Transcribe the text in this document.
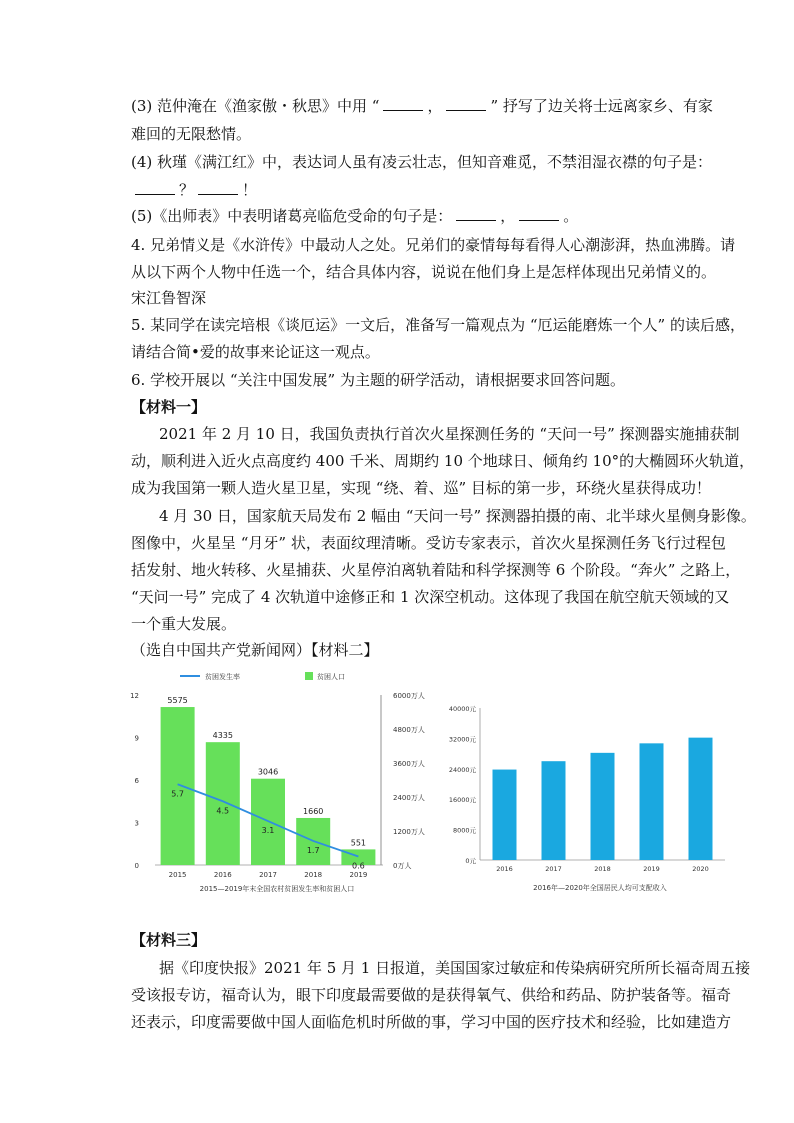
(3) 范仲淹在《渔家傲・秋思》中用 “	，	” 抒写了边关将士远离家乡、有家
难回的无限愁情。
(4) 秋瑾《满江红》中，表达词人虽有凌云壮志，但知音难觅，不禁泪湿衣襟的句子是：
？	！
(5)《出师表》中表明诸葛亮临危受命的句子是：	，	。
4. 兄弟情义是《水浒传》中最动人之处。兄弟们的豪情每每看得人心潮澎湃，热血沸腾。请
从以下两个人物中任选一个，结合具体内容，说说在他们身上是怎样体现出兄弟情义的。
宋江鲁智深
5. 某同学在读完培根《谈厄运》一文后，准备写一篇观点为 “厄运能磨炼一个人” 的读后感，
请结合简•爱的故事来论证这一观点。
6. 学校开展以 “关注中国发展” 为主题的研学活动，请根据要求回答问题。
【材料一】
2021 年 2 月 10 日，我国负责执行首次火星探测任务的 “天问一号” 探测器实施捕获制
动，顺利进入近火点高度约 400 千米、周期约 10 个地球日、倾角约 10°的大椭圆环火轨道，
成为我国第一颗人造火星卫星，实现 “绕、着、巡” 目标的第一步，环绕火星获得成功！
4 月 30 日，国家航天局发布 2 幅由 “天问一号” 探测器拍摄的南、北半球火星侧身影像。
图像中，火星呈 “月牙” 状，表面纹理清晰。受访专家表示，首次火星探测任务飞行过程包
括发射、地火转移、火星捕获、火星停泊离轨着陆和科学探测等 6 个阶段。“奔火” 之路上，
“天问一号” 完成了 4 次轨道中途修正和 1 次深空机动。这体现了我国在航空航天领域的又
一个重大发展。
（选自中国共产党新闻网）【材料二】
贫困发生率	贫困人口
0
3
6
9
12
0万人
1200万人
2400万人
3600万人
4800万人
6000万人
5575
4335
3046
1660
551
5.7
4.5
3.1
1.7
0.6
2015	2016	2017	2018	2019
2015—2019年末全国农村贫困发生率和贫困人口
0元
8000元
16000元
24000元
32000元
40000元
2016	2017	2018	2019	2020
2016年—2020年全国居民人均可支配收入
【材料三】
据《印度快报》2021 年 5 月 1 日报道，美国国家过敏症和传染病研究所所长福奇周五接
受该报专访，福奇认为，眼下印度最需要做的是获得氧气、供给和药品、防护装备等。福奇
还表示，印度需要做中国人面临危机时所做的事，学习中国的医疗技术和经验，比如建造方
